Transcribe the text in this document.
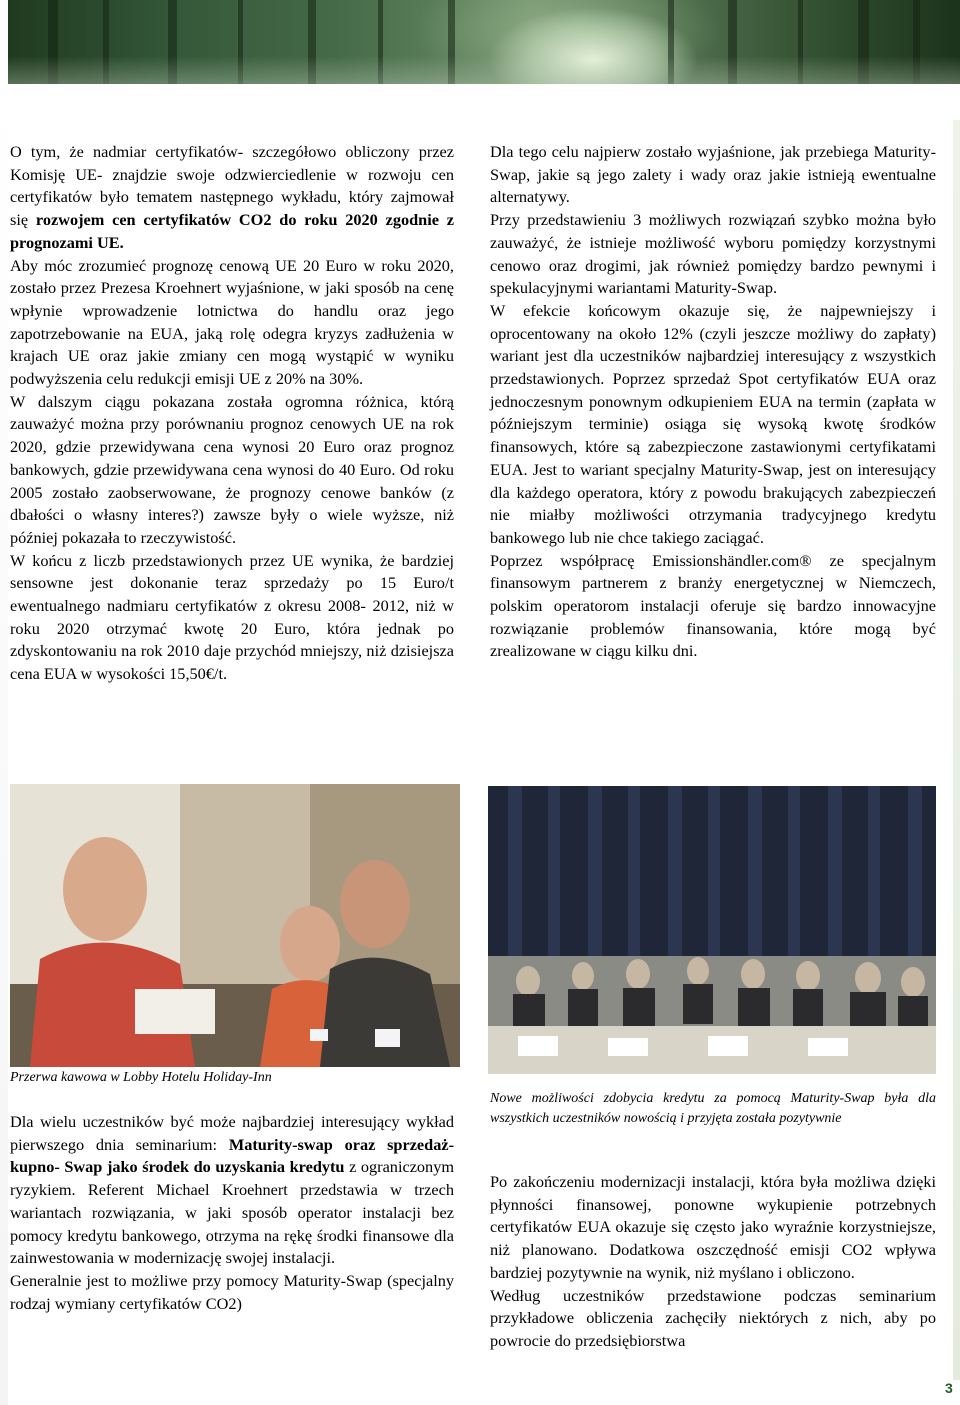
O tym, że nadmiar certyfikatów- szczegółowo obliczony przez Komisję UE- znajdzie swoje odzwierciedlenie w rozwoju cen certyfikatów było tematem następnego wykładu, który zajmował się rozwojem cen certyfikatów CO2 do roku 2020 zgodnie z prognozami UE.

Aby móc zrozumieć prognozę cenową UE 20 Euro w roku 2020, zostało przez Prezesa Kroehnert wyjaśnione, w jaki sposób na cenę wpłynie wprowadzenie lotnictwa do handlu oraz jego zapotrzebowanie na EUA, jaką rolę odegra kryzys zadłużenia w krajach UE oraz jakie zmiany cen mogą wystąpić w wyniku podwyższenia celu redukcji emisji UE z 20% na 30%.

W dalszym ciągu pokazana została ogromna różnica, którą zauważyć można przy porównaniu prognoz cenowych UE na rok 2020, gdzie przewidywana cena wynosi 20 Euro oraz prognoz bankowych, gdzie przewidywana cena wynosi do 40 Euro. Od roku 2005 zostało zaobserwowane, że prognozy cenowe banków (z dbałości o własny interes?) zawsze były o wiele wyższe, niż później pokazała to rzeczywistość.

W końcu z liczb przedstawionych przez UE wynika, że bardziej sensowne jest dokonanie teraz sprzedaży po 15 Euro/t ewentualnego nadmiaru certyfikatów z okresu 2008- 2012, niż w roku 2020 otrzymać kwotę 20 Euro, która jednak po zdyskontowaniu na rok 2010 daje przychód mniejszy, niż dzisiejsza cena EUA w wysokości 15,50€/t.

Dla tego celu najpierw zostało wyjaśnione, jak przebiega Maturity-Swap, jakie są jego zalety i wady oraz jakie istnieją ewentualne alternatywy.

Przy przedstawieniu 3 możliwych rozwiązań szybko można było zauważyć, że istnieje możliwość wyboru pomiędzy korzystnymi cenowo oraz drogimi, jak również pomiędzy bardzo pewnymi i spekulacyjnymi wariantami Maturity-Swap.

W efekcie końcowym okazuje się, że najpewniejszy i oprocentowany na około 12% (czyli jeszcze możliwy do zapłaty) wariant jest dla uczestników najbardziej interesujący z wszystkich przedstawionych. Poprzez sprzedaż Spot certyfikatów EUA oraz jednoczesnym ponownym odkupieniem EUA na termin (zapłata w późniejszym terminie) osiąga się wysoką kwotę środków finansowych, które są zabezpieczone zastawionymi certyfikatami EUA. Jest to wariant specjalny Maturity-Swap, jest on interesujący dla każdego operatora, który z powodu brakujących zabezpieczeń nie miałby możliwości otrzymania tradycyjnego kredytu bankowego lub nie chce takiego zaciągać.

Poprzez współpracę Emissionshändler.com® ze specjalnym finansowym partnerem z branży energetycznej w Niemczech, polskim operatorom instalacji oferuje się bardzo innowacyjne rozwiązanie problemów finansowania, które mogą być zrealizowane w ciągu kilku dni.

Przerwa kawowa w Lobby Hotelu Holiday-Inn
Nowe możliwości zdobycia kredytu za pomocą Maturity-Swap była dla wszystkich uczestników nowością i przyjęta została pozytywnie

Dla wielu uczestników być może najbardziej interesujący wykład pierwszego dnia seminarium: Maturity-swap oraz sprzedaż- kupno- Swap jako środek do uzyskania kredytu z ograniczonym ryzykiem. Referent Michael Kroehnert przedstawia w trzech wariantach rozwiązania, w jaki sposób operator instalacji bez pomocy kredytu bankowego, otrzyma na rękę środki finansowe dla zainwestowania w modernizację swojej instalacji.

Generalnie jest to możliwe przy pomocy Maturity-Swap (specjalny rodzaj wymiany certyfikatów CO2)

Po zakończeniu modernizacji instalacji, która była możliwa dzięki płynności finansowej, ponowne wykupienie potrzebnych certyfikatów EUA okazuje się często jako wyraźnie korzystniejsze, niż planowano. Dodatkowa oszczędność emisji CO2 wpływa bardziej pozytywnie na wynik, niż myślano i obliczono.

Według uczestników przedstawione podczas seminarium przykładowe obliczenia zachęciły niektórych z nich, aby po powrocie do przedsiębiorstwa

3
